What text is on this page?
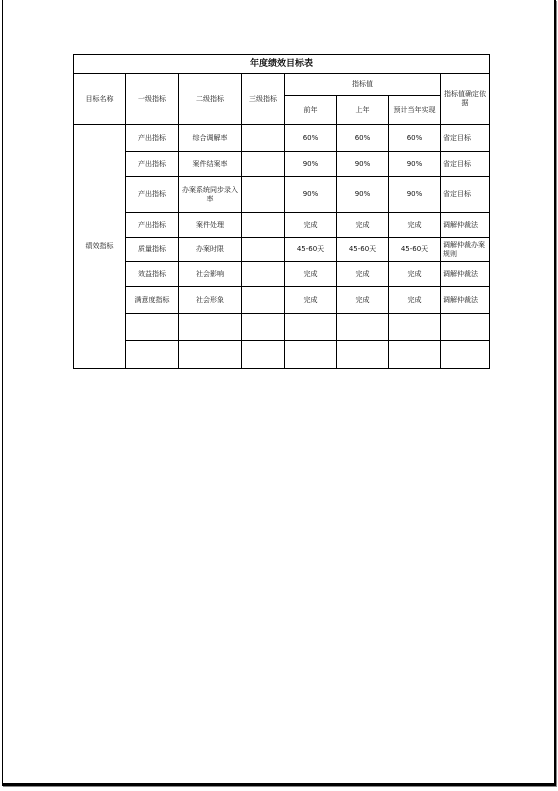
年度绩效目标表							
目标名称	一级指标	二级指标	三级指标	指标值			指标值确定依据
				前年	上年	预计当年实现	
绩效指标	产出指标	综合调解率		60%	60%	60%	省定目标
	产出指标	案件结案率		90%	90%	90%	省定目标
	产出指标	办案系统同步录入率		90%	90%	90%	省定目标
	产出指标	案件处理		完成	完成	完成	调解仲裁法
	质量指标	办案时限		45-60天	45-60天	45-60天	调解仲裁办案规则
	效益指标	社会影响		完成	完成	完成	调解仲裁法
	满意度指标	社会形象		完成	完成	完成	调解仲裁法
